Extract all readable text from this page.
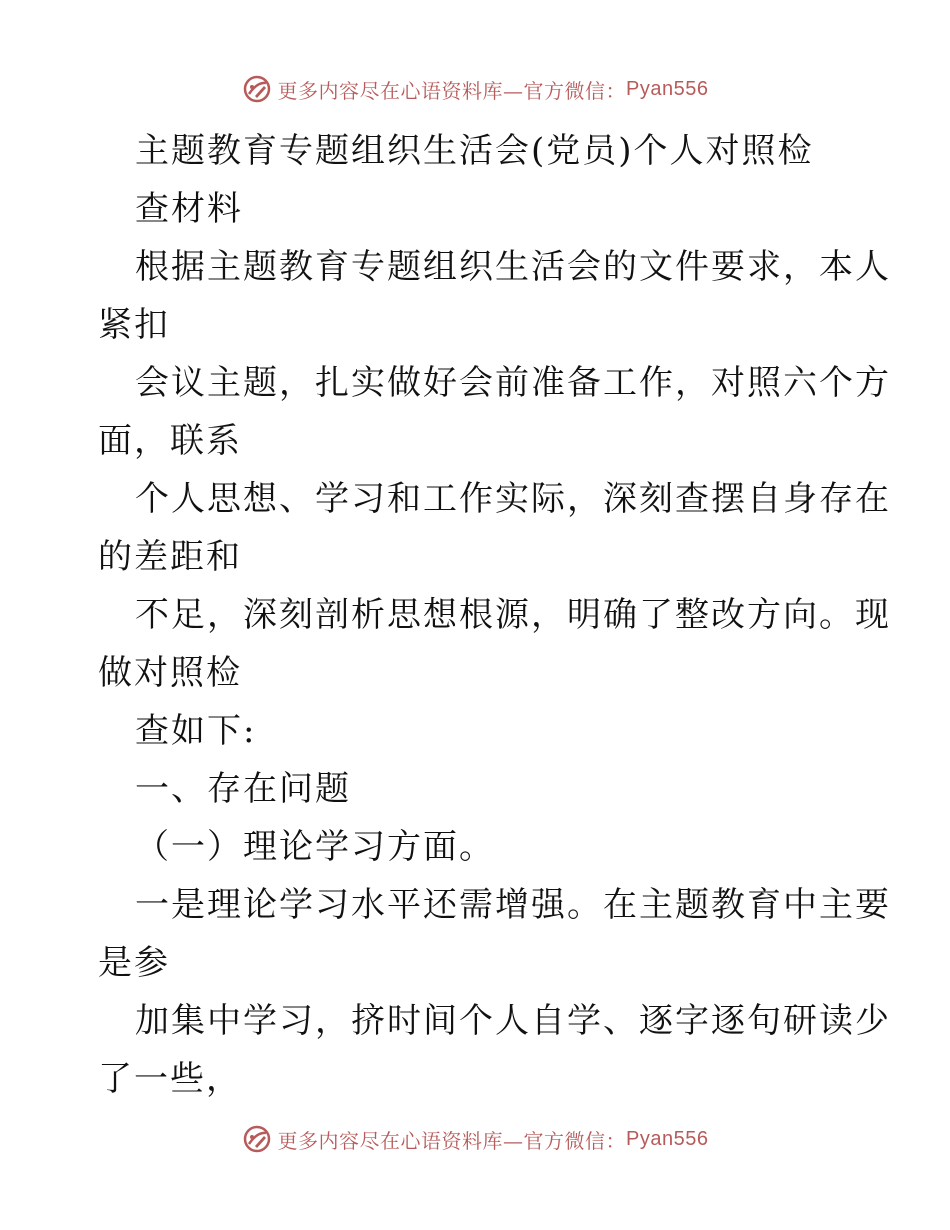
更多内容尽在心语资料库—官方微信： Pyan556

主题教育专题组织生活会(党员)个人对照检

查材料

根据主题教育专题组织生活会的文件要求，本人

紧扣

会议主题，扎实做好会前准备工作，对照六个方

面，联系

个人思想、学习和工作实际，深刻查摆自身存在

的差距和

不足，深刻剖析思想根源，明确了整改方向。现

做对照检

查如下:

一、存在问题

（一）理论学习方面。

一是理论学习水平还需增强。在主题教育中主要

是参

加集中学习，挤时间个人自学、逐字逐句研读少

了一些，

更多内容尽在心语资料库—官方微信： Pyan556
